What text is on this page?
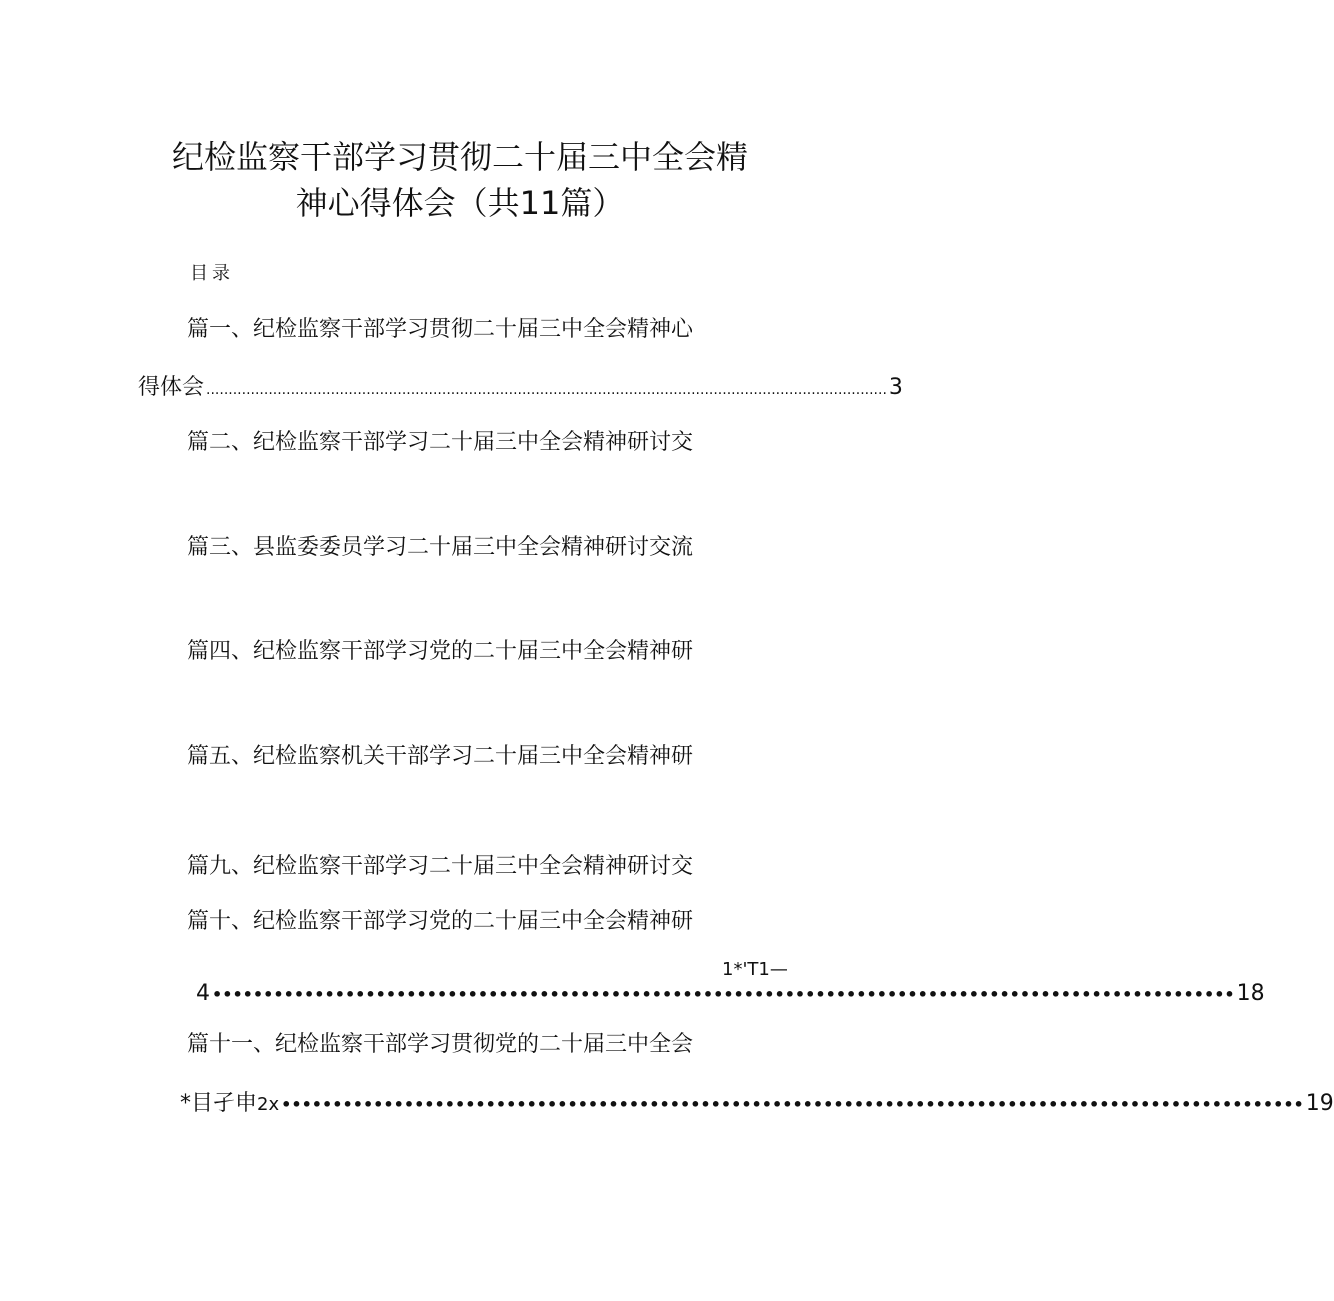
纪检监察干部学习贯彻二十届三中全会精
神心得体会（共11篇）
目录
篇一、纪检监察干部学习贯彻二十届三中全会精神心
得体会 ......................................................................................................................................................... 3
篇二、纪检监察干部学习二十届三中全会精神研讨交
篇三、县监委委员学习二十届三中全会精神研讨交流
篇四、纪检监察干部学习党的二十届三中全会精神研
篇五、纪检监察机关干部学习二十届三中全会精神研
篇九、纪检监察干部学习二十届三中全会精神研讨交
篇十、纪检监察干部学习党的二十届三中全会精神研
1*'T1—
4 •••••••••••••••••••••••••••••••••••••••••••••••••••••••••••••••••••••••••••••••••••••••••••••••••••• 18
篇十一、纪检监察干部学习贯彻党的二十届三中全会
*目孑申 2x •••••••••••••••••••••••••••••••••••••••••••••••••••••••••••••••••••••••••••••••••••••••••••••••••••• 19
